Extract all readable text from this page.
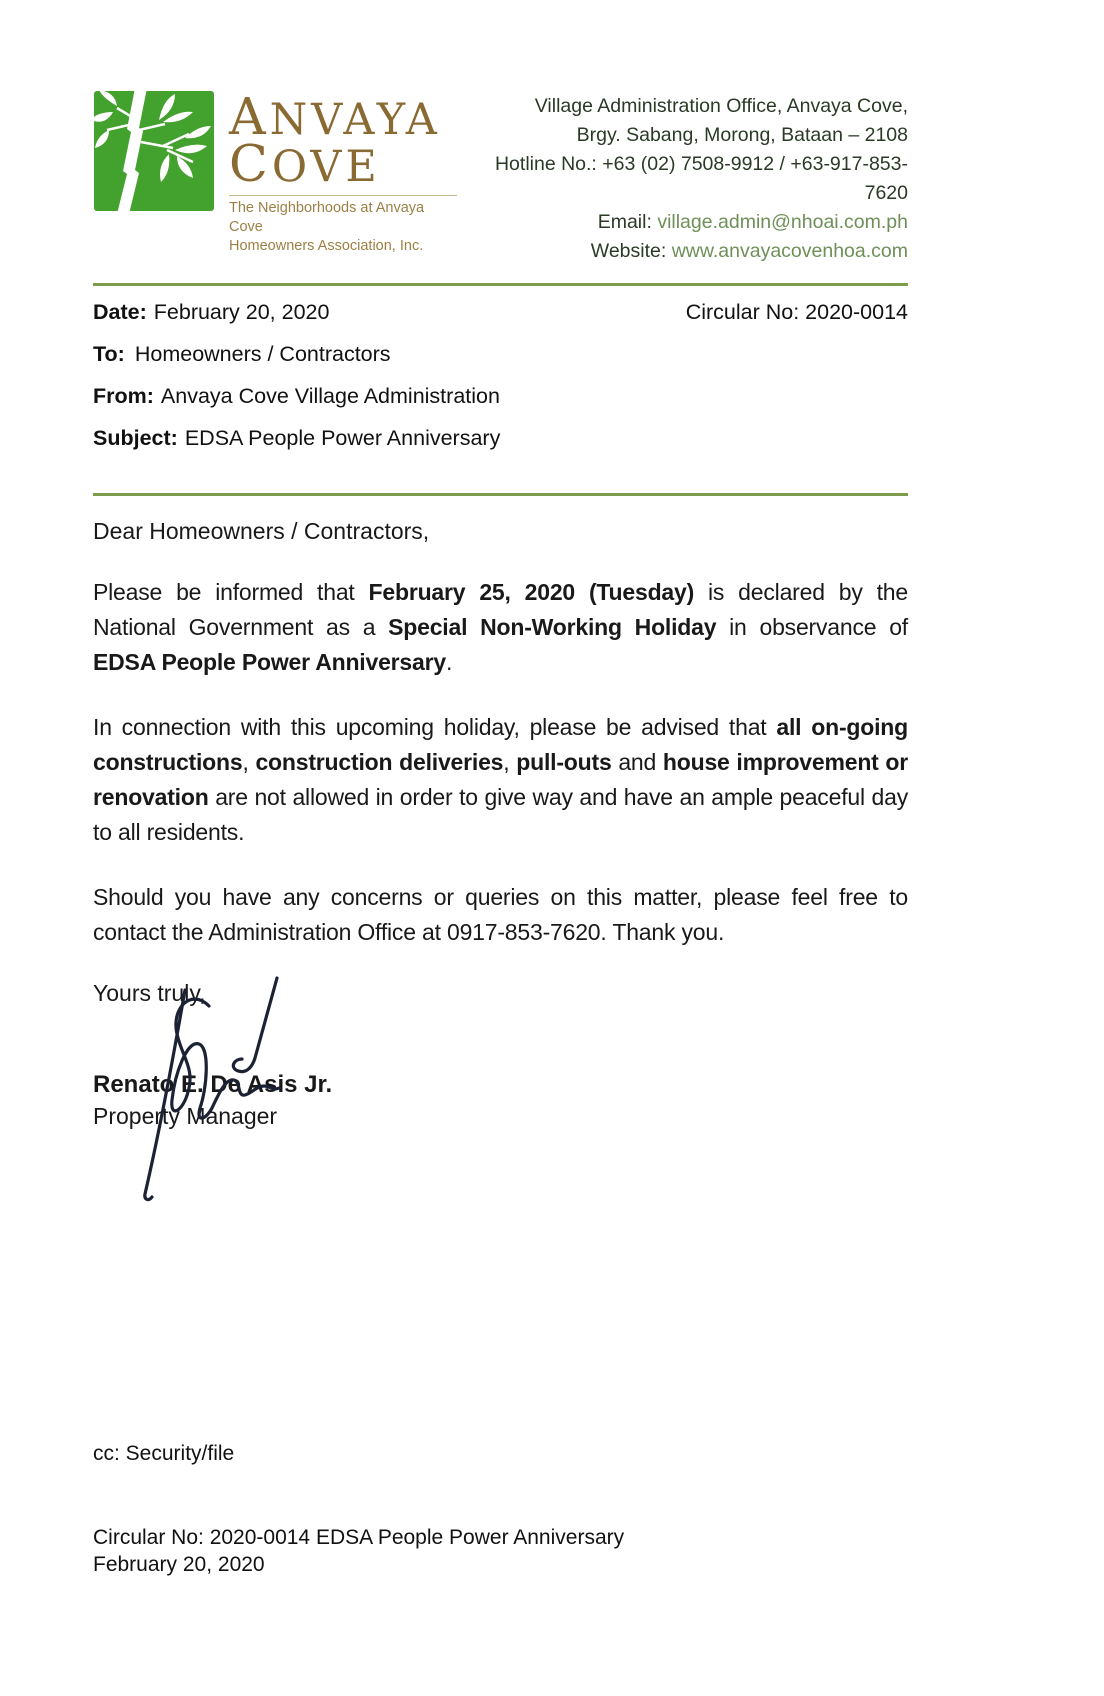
ANVAYA
COVE
The Neighborhoods at Anvaya Cove
Homeowners Association, Inc.
Village Administration Office, Anvaya Cove,
Brgy. Sabang, Morong, Bataan – 2108
Hotline No.: +63 (02) 7508-9912 / +63-917-853-7620
Email: village.admin@nhoai.com.ph
Website: www.anvayacovenhoa.com
Date: February 20, 2020	Circular No: 2020-0014
To: Homeowners / Contractors
From: Anvaya Cove Village Administration
Subject: EDSA People Power Anniversary
Dear Homeowners / Contractors,

Please be informed that February 25, 2020 (Tuesday) is declared by the National Government as a Special Non-Working Holiday in observance of EDSA People Power Anniversary.

In connection with this upcoming holiday, please be advised that all on-going constructions, construction deliveries, pull-outs and house improvement or renovation are not allowed in order to give way and have an ample peaceful day to all residents.

Should you have any concerns or queries on this matter, please feel free to contact the Administration Office at 0917-853-7620. Thank you.

Yours truly,
Renato E. De Asis Jr.
Property Manager
cc: Security/file
Circular No: 2020-0014 EDSA People Power Anniversary
February 20, 2020
